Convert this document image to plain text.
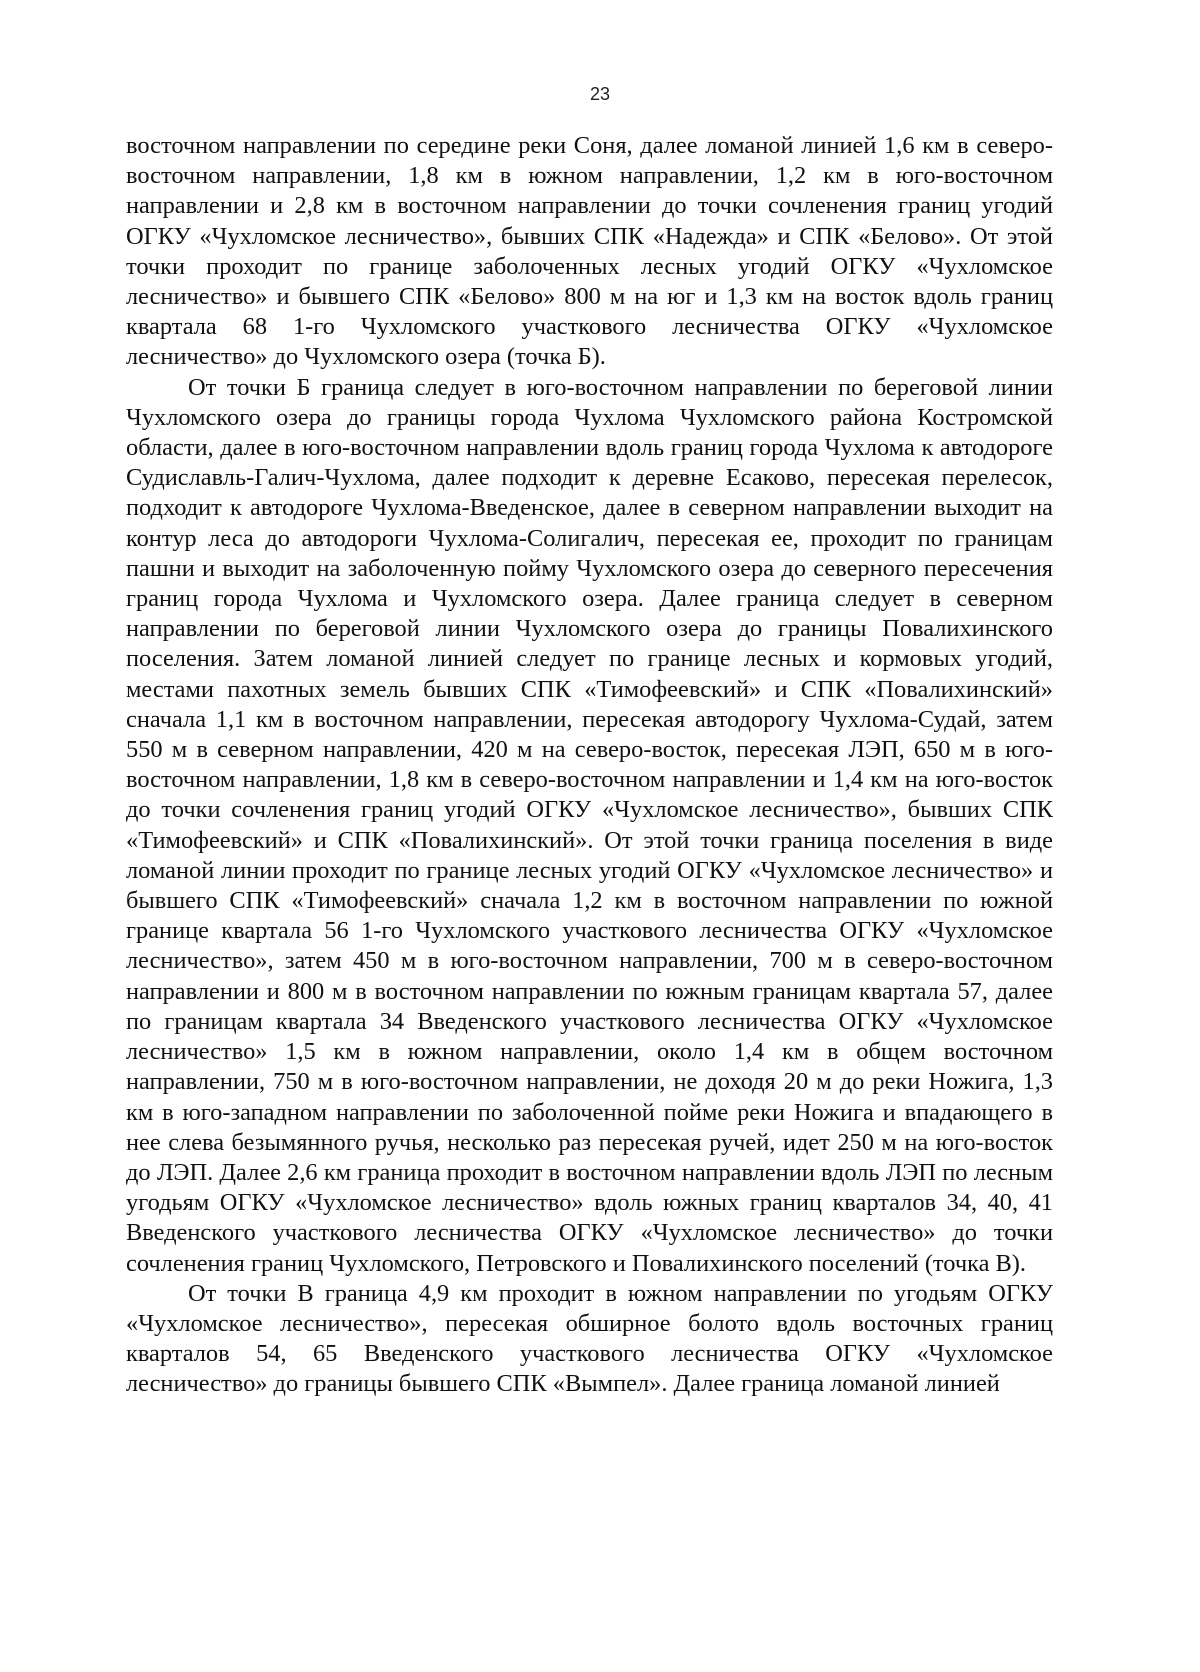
23

восточном направлении по середине реки Соня, далее ломаной линией 1,6 км в северо-восточном направлении, 1,8 км в южном направлении, 1,2 км в юго-восточном направлении и 2,8 км в восточном направлении до точки сочленения границ угодий ОГКУ «Чухломское лесничество», бывших СПК «Надежда» и СПК «Белово». От этой точки проходит по границе заболоченных лесных угодий ОГКУ «Чухломское лесничество» и бывшего СПК «Белово» 800 м на юг и 1,3 км на восток вдоль границ квартала 68 1-го Чухломского участкового лесничества ОГКУ «Чухломское лесничество» до Чухломского озера (точка Б).

От точки Б граница следует в юго-восточном направлении по береговой линии Чухломского озера до границы города Чухлома Чухломского района Костромской области, далее в юго-восточном направлении вдоль границ города Чухлома к автодороге Судиславль-Галич-Чухлома, далее подходит к деревне Есаково, пересекая перелесок, подходит к автодороге Чухлома-Введенское, далее в северном направлении выходит на контур леса до автодороги Чухлома-Солигалич, пересекая ее, проходит по границам пашни и выходит на заболоченную пойму Чухломского озера до северного пересечения границ города Чухлома и Чухломского озера. Далее граница следует в северном направлении по береговой линии Чухломского озера до границы Повалихинского поселения. Затем ломаной линией следует по границе лесных и кормовых угодий, местами пахотных земель бывших СПК «Тимофеевский» и СПК «Повалихинский» сначала 1,1 км в восточном направлении, пересекая автодорогу Чухлома-Судай, затем 550 м в северном направлении, 420 м на северо-восток, пересекая ЛЭП, 650 м в юго-восточном направлении, 1,8 км в северо-восточном направлении и 1,4 км на юго-восток до точки сочленения границ угодий ОГКУ «Чухломское лесничество», бывших СПК «Тимофеевский» и СПК «Повалихинский». От этой точки граница поселения в виде ломаной линии проходит по границе лесных угодий ОГКУ «Чухломское лесничество» и бывшего СПК «Тимофеевский» сначала 1,2 км в восточном направлении по южной границе квартала 56 1-го Чухломского участкового лесничества ОГКУ «Чухломское лесничество», затем 450 м в юго-восточном направлении, 700 м в северо-восточном направлении и 800 м в восточном направлении по южным границам квартала 57, далее по границам квартала 34 Введенского участкового лесничества ОГКУ «Чухломское лесничество» 1,5 км в южном направлении, около 1,4 км в общем восточном направлении, 750 м в юго-восточном направлении, не доходя 20 м до реки Ножига, 1,3 км в юго-западном направлении по заболоченной пойме реки Ножига и впадающего в нее слева безымянного ручья, несколько раз пересекая ручей, идет 250 м на юго-восток до ЛЭП. Далее 2,6 км граница проходит в восточном направлении вдоль ЛЭП по лесным угодьям ОГКУ «Чухломское лесничество» вдоль южных границ кварталов 34, 40, 41 Введенского участкового лесничества ОГКУ «Чухломское лесничество» до точки сочленения границ Чухломского, Петровского и Повалихинского поселений (точка В).

От точки В граница 4,9 км проходит в южном направлении по угодьям ОГКУ «Чухломское лесничество», пересекая обширное болото вдоль восточных границ кварталов 54, 65 Введенского участкового лесничества ОГКУ «Чухломское лесничество» до границы бывшего СПК «Вымпел». Далее граница ломаной линией
